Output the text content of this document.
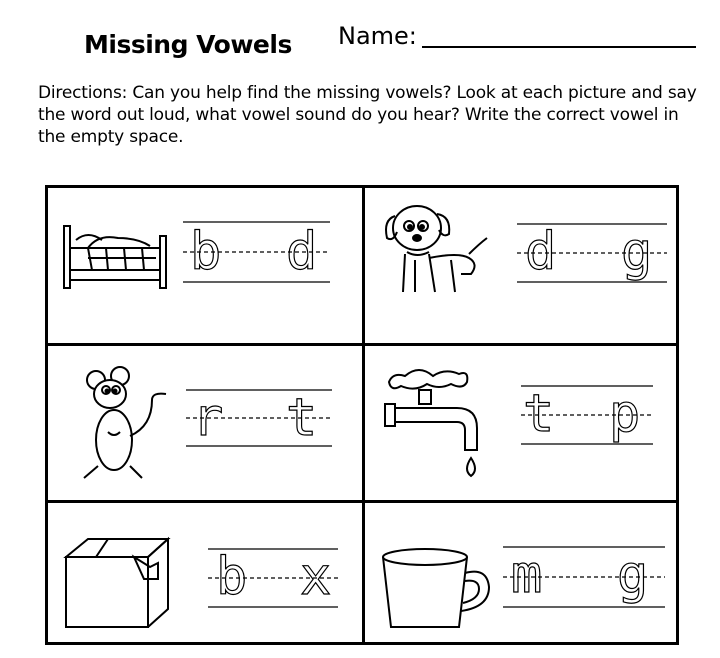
Missing Vowels Name:
Directions: Can you help find the missing vowels? Look at each picture and say the word out loud, what vowel sound do you hear? Write the correct vowel in the empty space.
b d	d g
r t	t p
b x	m g
